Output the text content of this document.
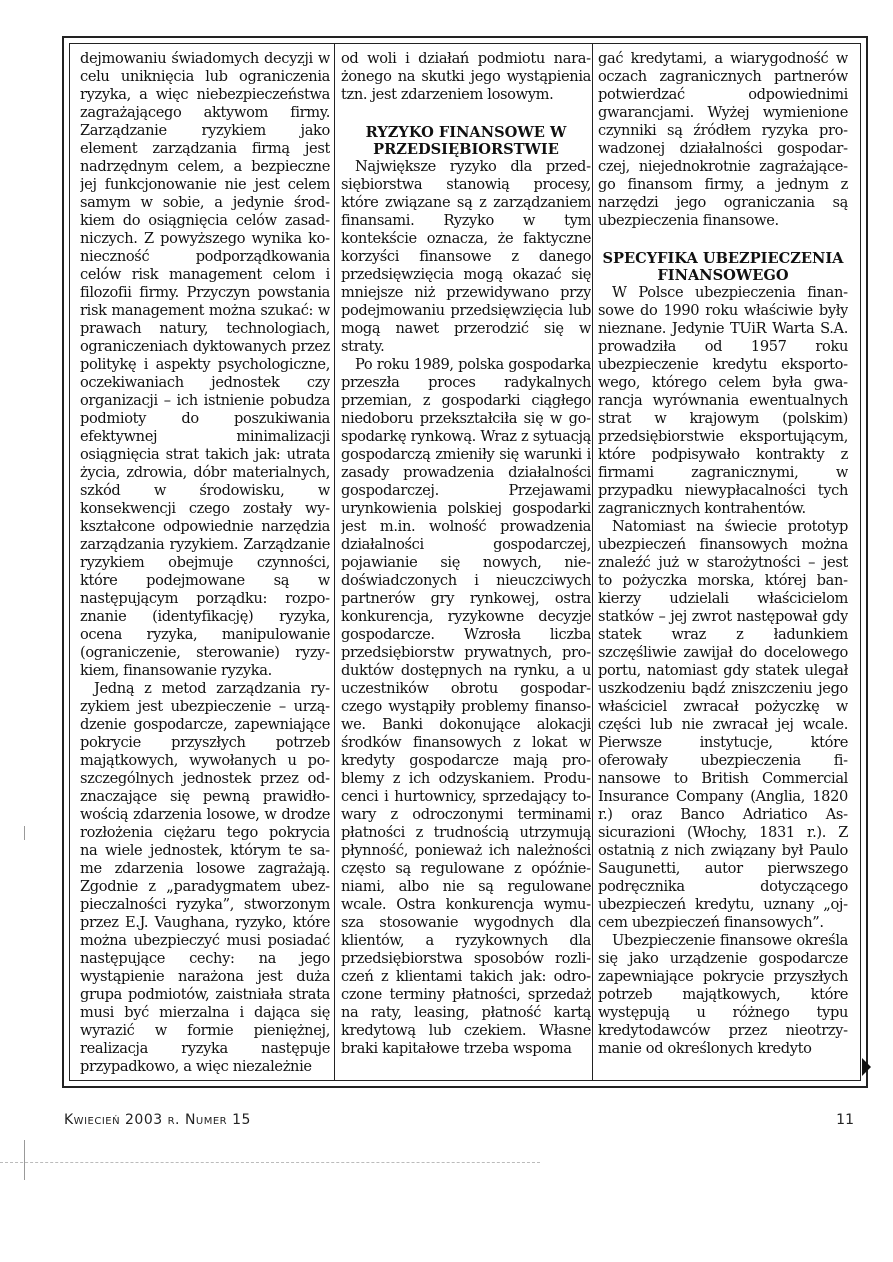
dejmowaniu świadomych decyzji w celu uniknięcia lub ograniczenia ryzyka, a więc niebezpieczeństwa zagrażającego aktywom firmy. Zarządzanie ryzykiem jako element zarządzania firmą jest nadrzędnym celem, a bezpieczne jej funkcjonowanie nie jest celem samym w sobie, a jedynie środkiem do osiągnięcia celów zasadniczych. Z powyższego wynika konieczność podporządkowania celów risk management celom i filozofii firmy. Przyczyn powstania risk management można szukać: w prawach natury, technologiach, ograniczeniach dyktowanych przez politykę i aspekty psychologiczne, oczekiwaniach jednostek czy organizacji – ich istnienie pobudza podmioty do poszukiwania efektywnej minimalizacji osiągnięcia strat takich jak: utrata życia, zdrowia, dóbr materialnych, szkód w środowisku, w konsekwencji czego zostały wykształcone odpowiednie narzędzia zarządzania ryzykiem. Zarządzanie ryzykiem obejmuje czynności, które podejmowane są w następującym porządku: rozpoznanie (identyfikację) ryzyka, ocena ryzyka, manipulowanie (ograniczenie, sterowanie) ryzykiem, finansowanie ryzyka.

Jedną z metod zarządzania ryzykiem jest ubezpieczenie – urządzenie gospodarcze, zapewniające pokrycie przyszłych potrzeb majątkowych, wywołanych u poszczególnych jednostek przez odznaczające się pewną prawidłowością zdarzenia losowe, w drodze rozłożenia ciężaru tego pokrycia na wiele jednostek, którym te same zdarzenia losowe zagrażają. Zgodnie z „paradygmatem ubezpieczalności ryzyka”, stworzonym przez E.J. Vaughana, ryzyko, które można ubezpieczyć musi posiadać następujące cechy: na jego wystąpienie narażona jest duża grupa podmiotów, zaistniała strata musi być mierzalna i dająca się wyrazić w formie pieniężnej, realizacja ryzyka następuje przypadkowo, a więc niezależnie

od woli i działań podmiotu narażonego na skutki jego wystąpienia tzn. jest zdarzeniem losowym.

RYZYKO FINANSOWE W PRZEDSIĘBIORSTWIE

Największe ryzyko dla przedsiębiorstwa stanowią procesy, które związane są z zarządzaniem finansami. Ryzyko w tym kontekście oznacza, że faktyczne korzyści finansowe z danego przedsięwzięcia mogą okazać się mniejsze niż przewidywano przy podejmowaniu przedsięwzięcia lub mogą nawet przerodzić się w straty.

Po roku 1989, polska gospodarka przeszła proces radykalnych przemian, z gospodarki ciągłego niedoboru przekształciła się w gospodarkę rynkową. Wraz z sytuacją gospodarczą zmieniły się warunki i zasady prowadzenia działalności gospodarczej. Przejawami urynkowienia polskiej gospodarki jest m.in. wolność prowadzenia działalności gospodarczej, pojawianie się nowych, niedoświadczonych i nieuczciwych partnerów gry rynkowej, ostra konkurencja, ryzykowne decyzje gospodarcze. Wzrosła liczba przedsiębiorstw prywatnych, produktów dostępnych na rynku, a u uczestników obrotu gospodarczego wystąpiły problemy finansowe. Banki dokonujące alokacji środków finansowych z lokat w kredyty gospodarcze mają problemy z ich odzyskaniem. Producenci i hurtownicy, sprzedający towary z odroczonymi terminami płatności z trudnością utrzymują płynność, ponieważ ich należności często są regulowane z opóźnieniami, albo nie są regulowane wcale. Ostra konkurencja wymusza stosowanie wygodnych dla klientów, a ryzykownych dla przedsiębiorstwa sposobów rozliczeń z klientami takich jak: odroczone terminy płatności, sprzedaż na raty, leasing, płatność kartą kredytową lub czekiem. Własne braki kapitałowe trzeba wspoma

gać kredytami, a wiarygodność w oczach zagranicznych partnerów potwierdzać odpowiednimi gwarancjami. Wyżej wymienione czynniki są źródłem ryzyka prowadzonej działalności gospodarczej, niejednokrotnie zagrażającego finansom firmy, a jednym z narzędzi jego ograniczania są ubezpieczenia finansowe.

SPECYFIKA UBEZPIECZENIA FINANSOWEGO

W Polsce ubezpieczenia finansowe do 1990 roku właściwie były nieznane. Jedynie TUiR Warta S.A. prowadziła od 1957 roku ubezpieczenie kredytu eksportowego, którego celem była gwarancja wyrównania ewentualnych strat w krajowym (polskim) przedsiębiorstwie eksportującym, które podpisywało kontrakty z firmami zagranicznymi, w przypadku niewypłacalności tych zagranicznych kontrahentów.

Natomiast na świecie prototyp ubezpieczeń finansowych można znaleźć już w starożytności – jest to pożyczka morska, której bankierzy udzielali właścicielom statków – jej zwrot następował gdy statek wraz z ładunkiem szczęśliwie zawijał do docelowego portu, natomiast gdy statek ulegał uszkodzeniu bądź zniszczeniu jego właściciel zwracał pożyczkę w części lub nie zwracał jej wcale. Pierwsze instytucje, które oferowały ubezpieczenia finansowe to British Commercial Insurance Company (Anglia, 1820 r.) oraz Banco Adriatico Assicurazioni (Włochy, 1831 r.). Z ostatnią z nich związany był Paulo Saugunetti, autor pierwszego podręcznika dotyczącego ubezpieczeń kredytu, uznany „ojcem ubezpieczeń finansowych”.

Ubezpieczenie finansowe określa się jako urządzenie gospodarcze zapewniające pokrycie przyszłych potrzeb majątkowych, które występują u różnego typu kredytodawców przez nieotrzymanie od określonych kredyto

Kwiecień 2003 r. Numer 15	11
